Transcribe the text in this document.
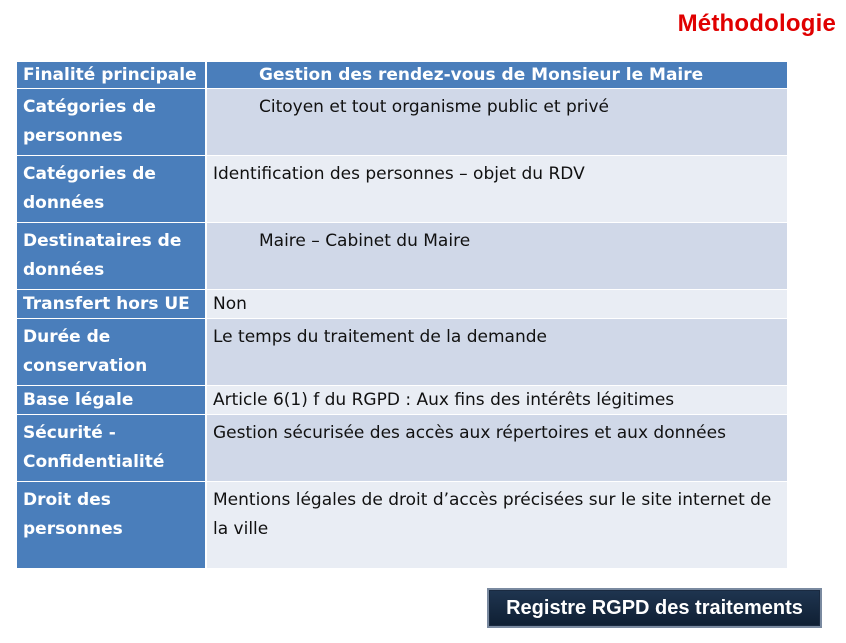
Méthodologie
Finalité principale	Gestion des rendez-vous de Monsieur le Maire
Catégories de personnes	Citoyen et tout organisme public et privé
Catégories de données	Identification des personnes – objet du RDV
Destinataires de données	Maire – Cabinet du Maire
Transfert hors UE	Non
Durée de conservation	Le temps du traitement de la demande
Base légale	Article 6(1) f du RGPD : Aux fins des intérêts légitimes
Sécurité - Confidentialité	Gestion sécurisée des accès aux répertoires et aux données
Droit des personnes	Mentions légales de droit d’accès précisées sur le site internet de la ville
Registre RGPD des traitements
